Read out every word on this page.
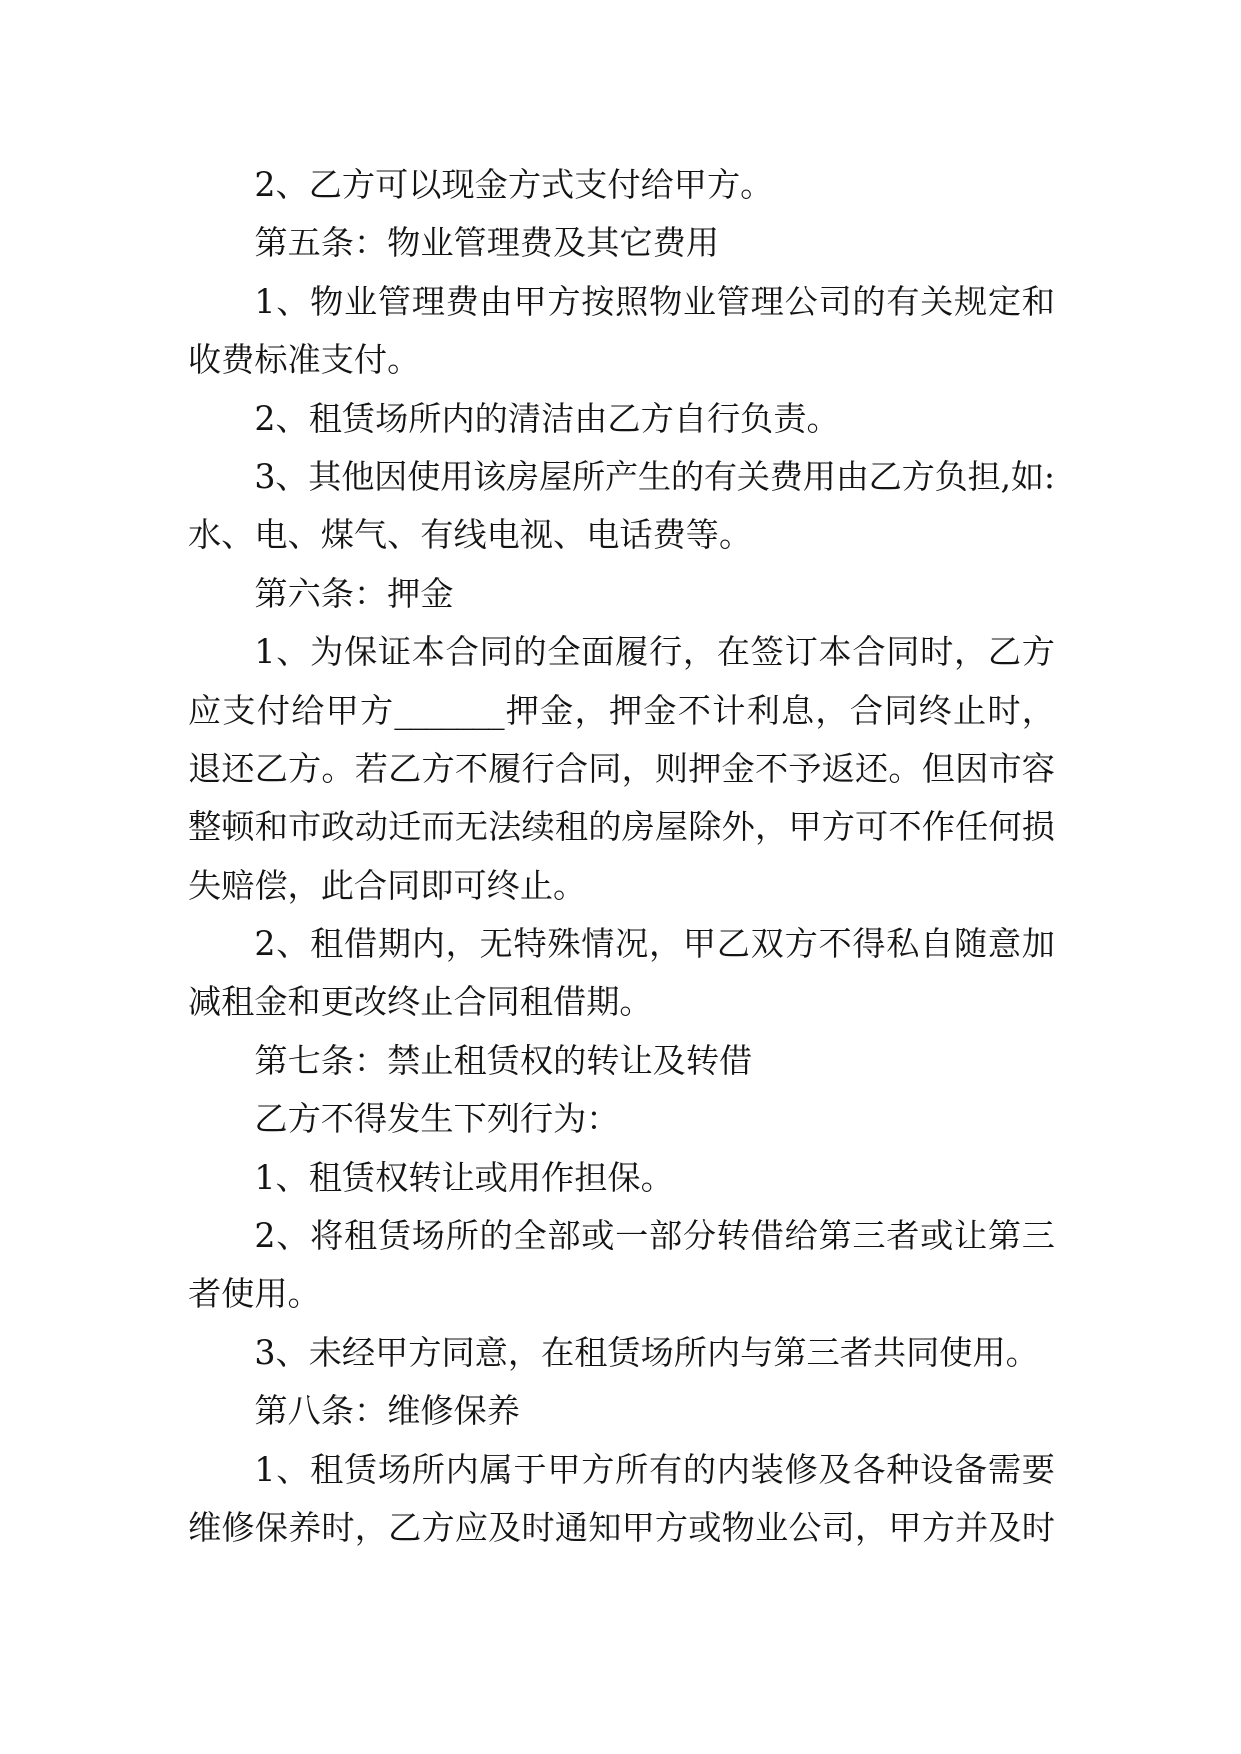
2、乙方可以现金方式支付给甲方。
第五条：物业管理费及其它费用
1、物业管理费由甲方按照物业管理公司的有关规定和
收费标准支付。
2、租赁场所内的清洁由乙方自行负责。
3、其他因使用该房屋所产生的有关费用由乙方负担,如:
水、电、煤气、有线电视、电话费等。
第六条：押金
1、为保证本合同的全面履行，在签订本合同时，乙方
应支付给甲方_______押金，押金不计利息，合同终止时，
退还乙方。若乙方不履行合同，则押金不予返还。但因市容
整顿和市政动迁而无法续租的房屋除外，甲方可不作任何损
失赔偿，此合同即可终止。
2、租借期内，无特殊情况，甲乙双方不得私自随意加
减租金和更改终止合同租借期。
第七条：禁止租赁权的转让及转借
乙方不得发生下列行为：
1、租赁权转让或用作担保。
2、将租赁场所的全部或一部分转借给第三者或让第三
者使用。
3、未经甲方同意，在租赁场所内与第三者共同使用。
第八条：维修保养
1、租赁场所内属于甲方所有的内装修及各种设备需要
维修保养时，乙方应及时通知甲方或物业公司，甲方并及时
